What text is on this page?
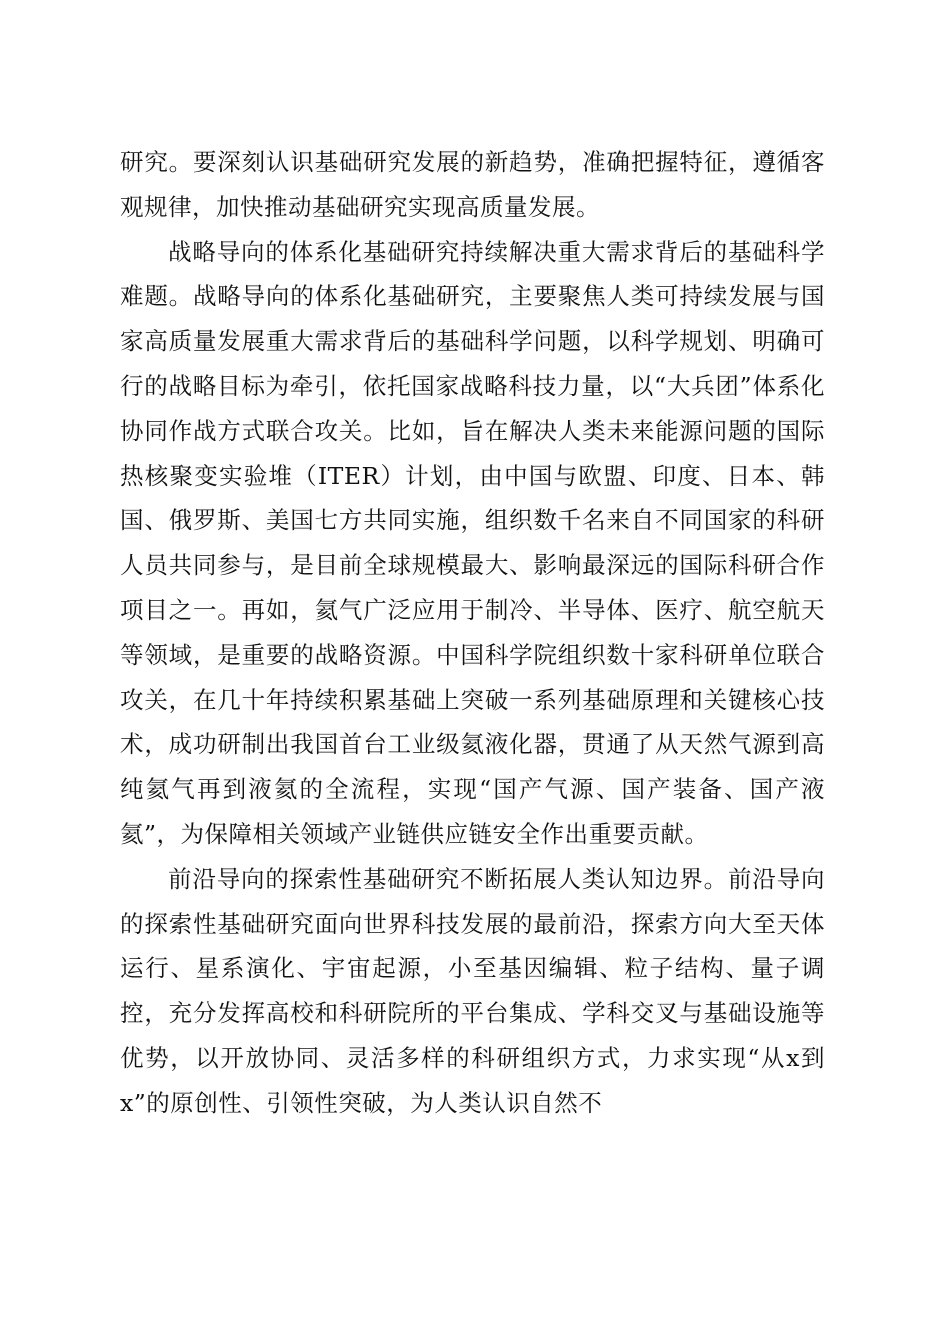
研究。要深刻认识基础研究发展的新趋势，准确把握特征，遵循客观规律，加快推动基础研究实现高质量发展。

战略导向的体系化基础研究持续解决重大需求背后的基础科学难题。战略导向的体系化基础研究，主要聚焦人类可持续发展与国家高质量发展重大需求背后的基础科学问题，以科学规划、明确可行的战略目标为牵引，依托国家战略科技力量，以“大兵团”体系化协同作战方式联合攻关。比如，旨在解决人类未来能源问题的国际热核聚变实验堆（ITER）计划，由中国与欧盟、印度、日本、韩国、俄罗斯、美国七方共同实施，组织数千名来自不同国家的科研人员共同参与，是目前全球规模最大、影响最深远的国际科研合作项目之一。再如，氦气广泛应用于制冷、半导体、医疗、航空航天等领域，是重要的战略资源。中国科学院组织数十家科研单位联合攻关，在几十年持续积累基础上突破一系列基础原理和关键核心技术，成功研制出我国首台工业级氦液化器，贯通了从天然气源到高纯氦气再到液氦的全流程，实现“国产气源、国产装备、国产液氦”，为保障相关领域产业链供应链安全作出重要贡献。

前沿导向的探索性基础研究不断拓展人类认知边界。前沿导向的探索性基础研究面向世界科技发展的最前沿，探索方向大至天体运行、星系演化、宇宙起源，小至基因编辑、粒子结构、量子调控，充分发挥高校和科研院所的平台集成、学科交叉与基础设施等优势，以开放协同、灵活多样的科研组织方式，力求实现“从x到x”的原创性、引领性突破，为人类认识自然不
